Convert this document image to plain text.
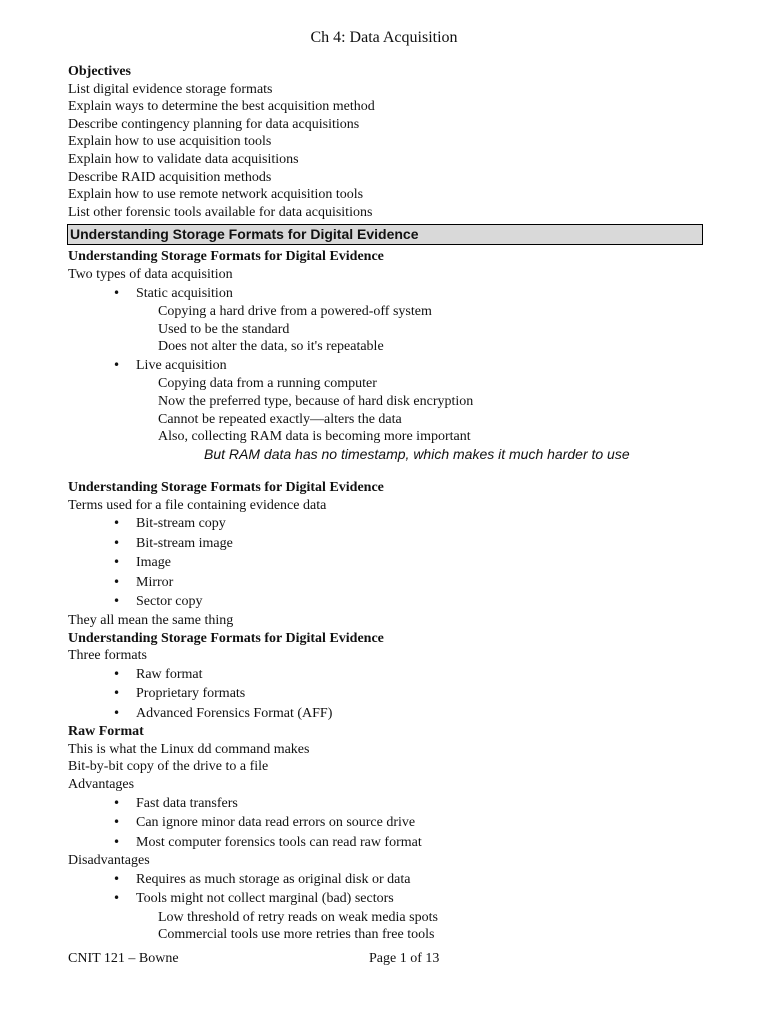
Ch 4: Data Acquisition
Objectives
List digital evidence storage formats
Explain ways to determine the best acquisition method
Describe contingency planning for data acquisitions
Explain how to use acquisition tools
Explain how to validate data acquisitions
Describe RAID acquisition methods
Explain how to use remote network acquisition tools
List other forensic tools available for data acquisitions
Understanding Storage Formats for Digital Evidence
Understanding Storage Formats for Digital Evidence
Two types of data acquisition
• Static acquisition
Copying a hard drive from a powered-off system
Used to be the standard
Does not alter the data, so it's repeatable
• Live acquisition
Copying data from a running computer
Now the preferred type, because of hard disk encryption
Cannot be repeated exactly—alters the data
Also, collecting RAM data is becoming more important
But RAM data has no timestamp, which makes it much harder to use
Understanding Storage Formats for Digital Evidence
Terms used for a file containing evidence data
• Bit-stream copy
• Bit-stream image
• Image
• Mirror
• Sector copy
They all mean the same thing
Understanding Storage Formats for Digital Evidence
Three formats
• Raw format
• Proprietary formats
• Advanced Forensics Format (AFF)
Raw Format
This is what the Linux dd command makes
Bit-by-bit copy of the drive to a file
Advantages
• Fast data transfers
• Can ignore minor data read errors on source drive
• Most computer forensics tools can read raw format
Disadvantages
• Requires as much storage as original disk or data
• Tools might not collect marginal (bad) sectors
Low threshold of retry reads on weak media spots
Commercial tools use more retries than free tools
CNIT 121 – Bowne	Page 1 of 13
